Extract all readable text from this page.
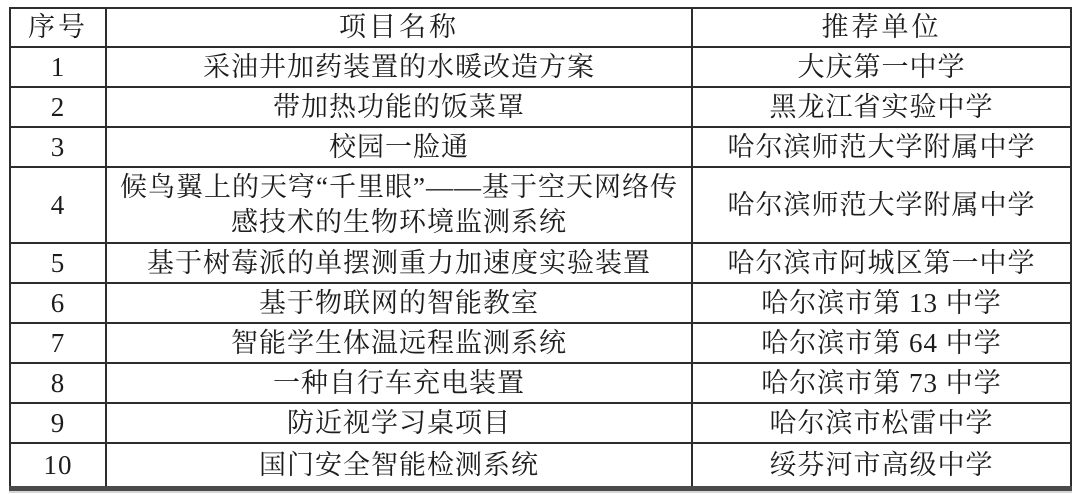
序号	项目名称	推荐单位
1	采油井加药装置的水暖改造方案	大庆第一中学
2	带加热功能的饭菜罩	黑龙江省实验中学
3	校园一脸通	哈尔滨师范大学附属中学
4	候鸟翼上的天穹“千里眼”——基于空天网络传感技术的生物环境监测系统	哈尔滨师范大学附属中学
5	基于树莓派的单摆测重力加速度实验装置	哈尔滨市阿城区第一中学
6	基于物联网的智能教室	哈尔滨市第 13 中学
7	智能学生体温远程监测系统	哈尔滨市第 64 中学
8	一种自行车充电装置	哈尔滨市第 73 中学
9	防近视学习桌项目	哈尔滨市松雷中学
10	国门安全智能检测系统	绥芬河市高级中学
